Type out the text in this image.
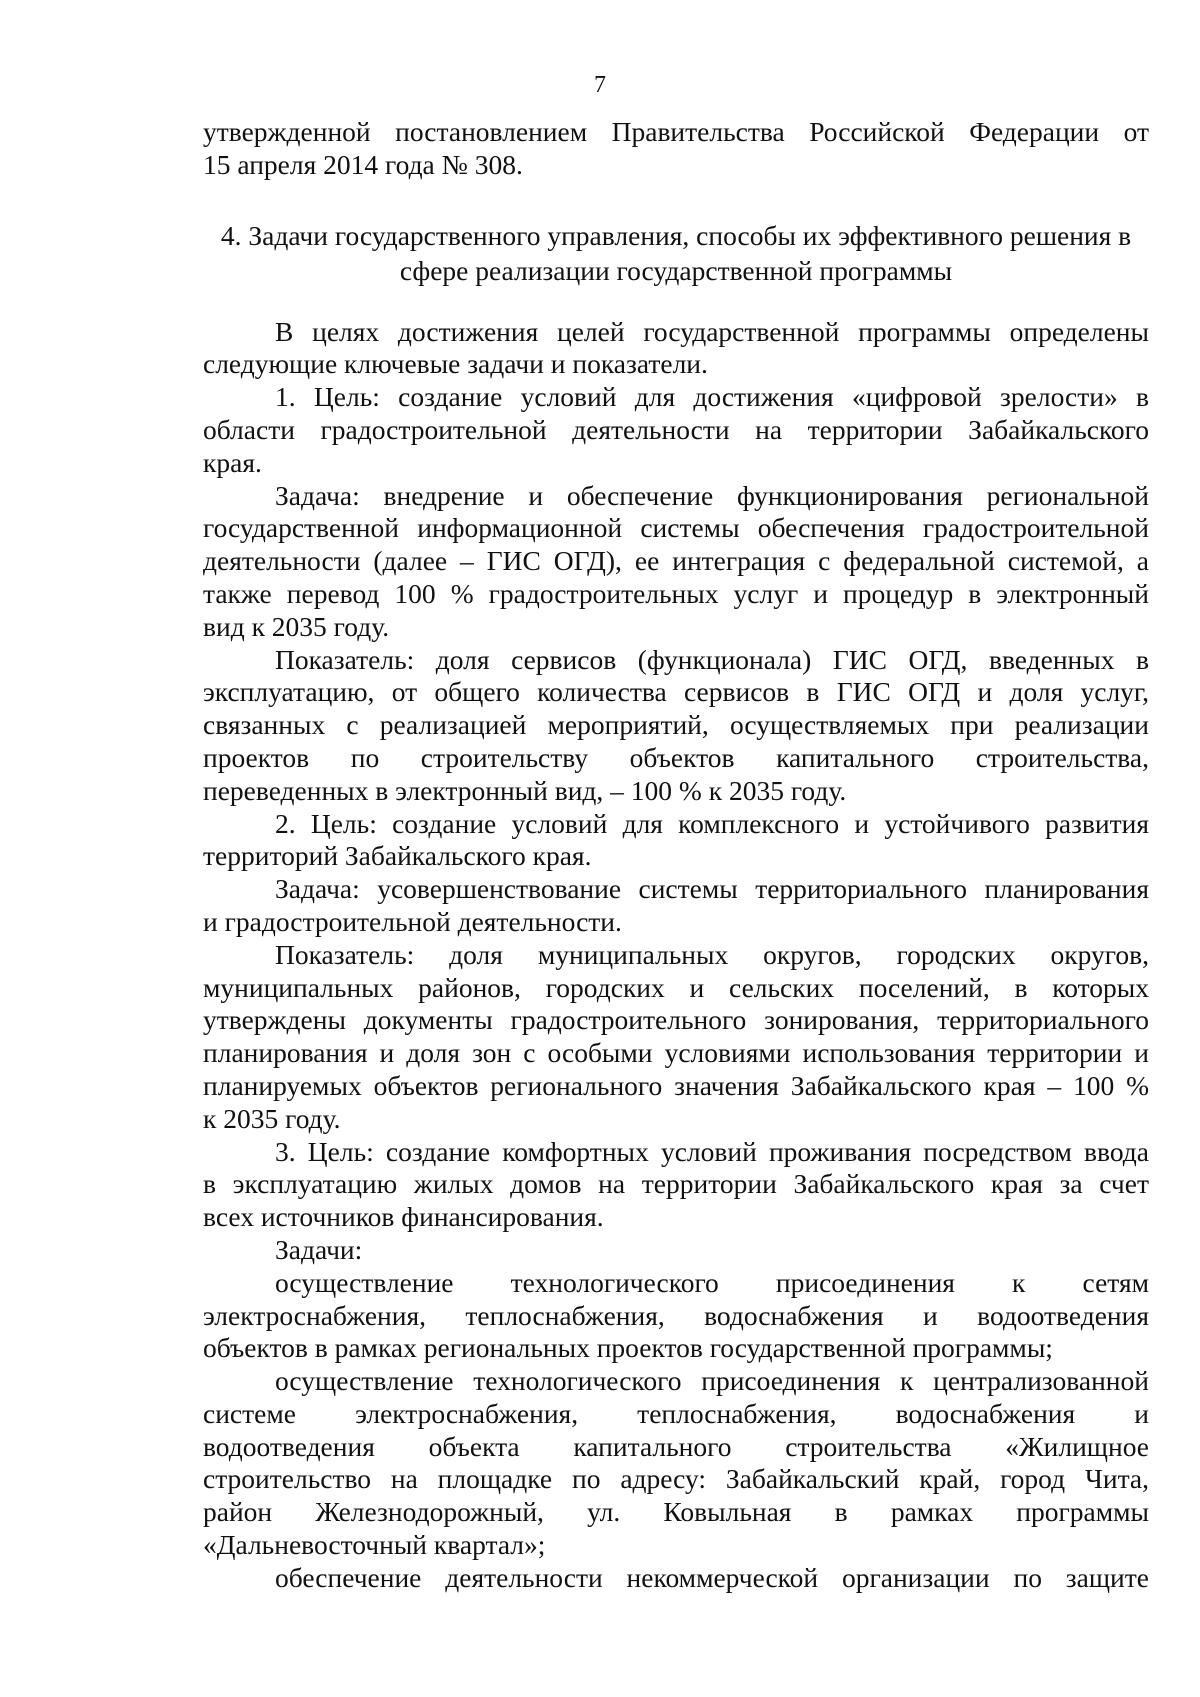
7

утвержденной постановлением Правительства Российской Федерации от
15 апреля 2014 года № 308.

4. Задачи государственного управления, способы их эффективного решения в
сфере реализации государственной программы

В целях достижения целей государственной программы определены
следующие ключевые задачи и показатели.

1. Цель: создание условий для достижения «цифровой зрелости» в
области градостроительной деятельности на территории Забайкальского
края.

Задача: внедрение и обеспечение функционирования региональной
государственной информационной системы обеспечения градостроительной
деятельности (далее – ГИС ОГД), ее интеграция с федеральной системой, а
также перевод 100 % градостроительных услуг и процедур в электронный
вид к 2035 году.

Показатель: доля сервисов (функционала) ГИС ОГД, введенных в
эксплуатацию, от общего количества сервисов в ГИС ОГД и доля услуг,
связанных с реализацией мероприятий, осуществляемых при реализации
проектов по строительству объектов капитального строительства,
переведенных в электронный вид, – 100 % к 2035 году.

2. Цель: создание условий для комплексного и устойчивого развития
территорий Забайкальского края.

Задача: усовершенствование системы территориального планирования
и градостроительной деятельности.

Показатель: доля муниципальных округов, городских округов,
муниципальных районов, городских и сельских поселений, в которых
утверждены документы градостроительного зонирования, территориального
планирования и доля зон с особыми условиями использования территории и
планируемых объектов регионального значения Забайкальского края – 100 %
к 2035 году.

3. Цель: создание комфортных условий проживания посредством ввода
в эксплуатацию жилых домов на территории Забайкальского края за счет
всех источников финансирования.

Задачи:

осуществление технологического присоединения к сетям
электроснабжения, теплоснабжения, водоснабжения и водоотведения
объектов в рамках региональных проектов государственной программы;

осуществление технологического присоединения к централизованной
системе электроснабжения, теплоснабжения, водоснабжения и
водоотведения объекта капитального строительства «Жилищное
строительство на площадке по адресу: Забайкальский край, город Чита,
район Железнодорожный, ул. Ковыльная в рамках программы
«Дальневосточный квартал»;

обеспечение деятельности некоммерческой организации по защите
